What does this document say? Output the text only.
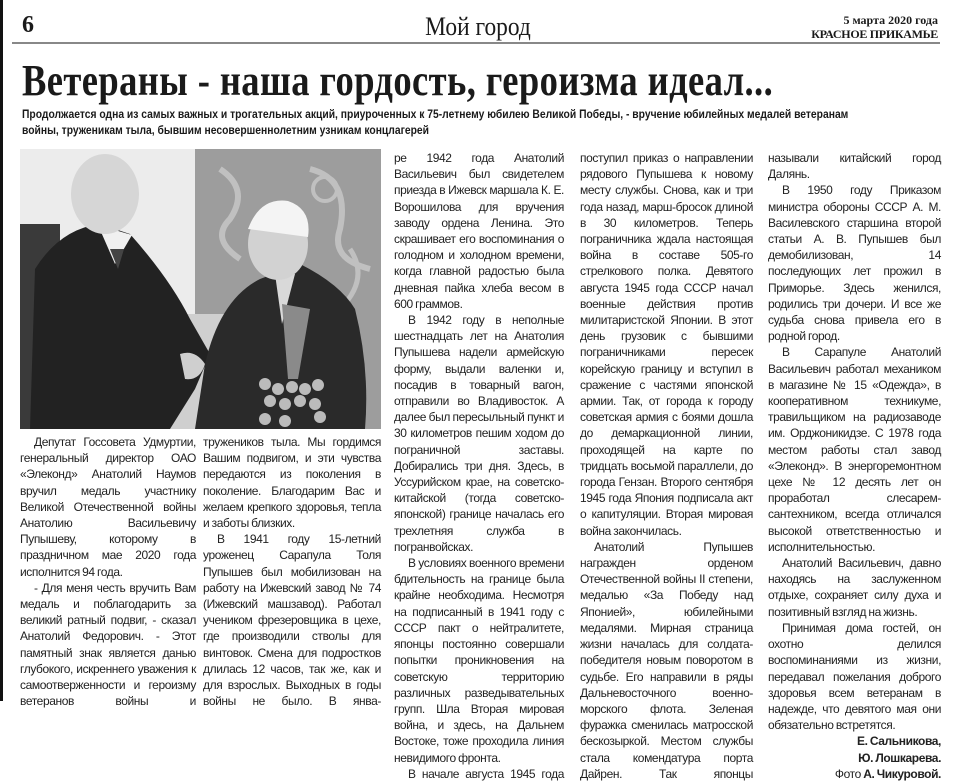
6	Мой город	5 марта 2020 года
КРАСНОЕ ПРИКАМЬЕ
Ветераны - наша гордость, героизма идеал...
Продолжается одна из самых важных и трогательных акций, приуроченных к 75-летнему юбилею Великой Победы, - вручение юбилейных медалей ветеранам войны, труженикам тыла, бывшим несовершеннолетним узникам концлагерей

Депутат Госсовета Удмуртии, генеральный директор ОАО «Элеконд» Анатолий Наумов вручил медаль участнику Великой Отечественной войны Анатолию Васильевичу Пупышеву, которому в праздничном мае 2020 года исполнится 94 года.

- Для меня честь вручить Вам медаль и поблагодарить за великий ратный подвиг, - сказал Анатолий Федорович. - Этот памятный знак является данью глубокого, искреннего уважения к самоотверженности и героизму ветеранов войны и

тружеников тыла. Мы гордимся Вашим подвигом, и эти чувства передаются из поколения в поколение. Благодарим Вас и желаем крепкого здоровья, тепла и заботы близких.

В 1941 году 15-летний уроженец Сарапула Толя Пупышев был мобилизован на работу на Ижевский завод № 74 (Ижевский машзавод). Работал учеником фрезеровщика в цехе, где производили стволы для винтовок. Смена для подростков длилась 12 часов, так же, как и для взрослых. Выходных в годы войны не было. В янва-

ре 1942 года Анатолий Васильевич был свидетелем приезда в Ижевск маршала К. Е. Ворошилова для вручения заводу ордена Ленина. Это скрашивает его воспоминания о голодном и холодном времени, когда главной радостью была дневная пайка хлеба весом в 600 граммов.

В 1942 году в неполные шестнадцать лет на Анатолия Пупышева надели армейскую форму, выдали валенки и, посадив в товарный вагон, отправили во Владивосток. А далее был пересыльный пункт и 30 километров пешим ходом до пограничной заставы. Добирались три дня. Здесь, в Уссурийском крае, на советско-китайской (тогда советско-японской) границе началась его трехлетняя служба в погранвойсках.

В условиях военного времени бдительность на границе была крайне необходима. Несмотря на подписанный в 1941 году с СССР пакт о нейтралитете, японцы постоянно совершали попытки проникновения на советскую территорию различных разведывательных групп. Шла Вторая мировая война, и здесь, на Дальнем Востоке, тоже проходила линия невидимого фронта.

В начале августа 1945 года

поступил приказ о направлении рядового Пупышева к новому месту службы. Снова, как и три года назад, марш-бросок длиной в 30 километров. Теперь пограничника ждала настоящая война в составе 505-го стрелкового полка. Девятого августа 1945 года СССР начал военные действия против милитаристской Японии. В этот день грузовик с бывшими пограничниками пересек корейскую границу и вступил в сражение с частями японской армии. Так, от города к городу советская армия с боями дошла до демаркационной линии, проходящей на карте по тридцать восьмой параллели, до города Гензан. Второго сентября 1945 года Япония подписала акт о капитуляции. Вторая мировая война закончилась.

Анатолий Пупышев награжден орденом Отечественной войны II степени, медалью «За Победу над Японией», юбилейными медалями. Мирная страница жизни началась для солдата-победителя новым поворотом в судьбе. Его направили в ряды Дальневосточного военно-морского флота. Зеленая фуражка сменилась матросской бескозыркой. Местом службы стала комендатура порта Дайрен. Так японцы

называли китайский город Далянь.

В 1950 году Приказом министра обороны СССР А. М. Василевского старшина второй статьи А. В. Пупышев был демобилизован, 14 последующих лет прожил в Приморье. Здесь женился, родились три дочери. И все же судьба снова привела его в родной город.

В Сарапуле Анатолий Васильевич работал механиком в магазине № 15 «Одежда», в кооперативном техникуме, травильщиком на радиозаводе им. Орджоникидзе. С 1978 года местом работы стал завод «Элеконд». В энергоремонтном цехе № 12 десять лет он проработал слесарем-сантехником, всегда отличался высокой ответственностью и исполнительностью.

Анатолий Васильевич, давно находясь на заслуженном отдыхе, сохраняет силу духа и позитивный взгляд на жизнь.

Принимая дома гостей, он охотно делился воспоминаниями из жизни, передавал пожелания доброго здоровья всем ветеранам в надежде, что девятого мая они обязательно встретятся.

Е. Сальникова,
Ю. Лошкарева.
Фото А. Чикуровой.
